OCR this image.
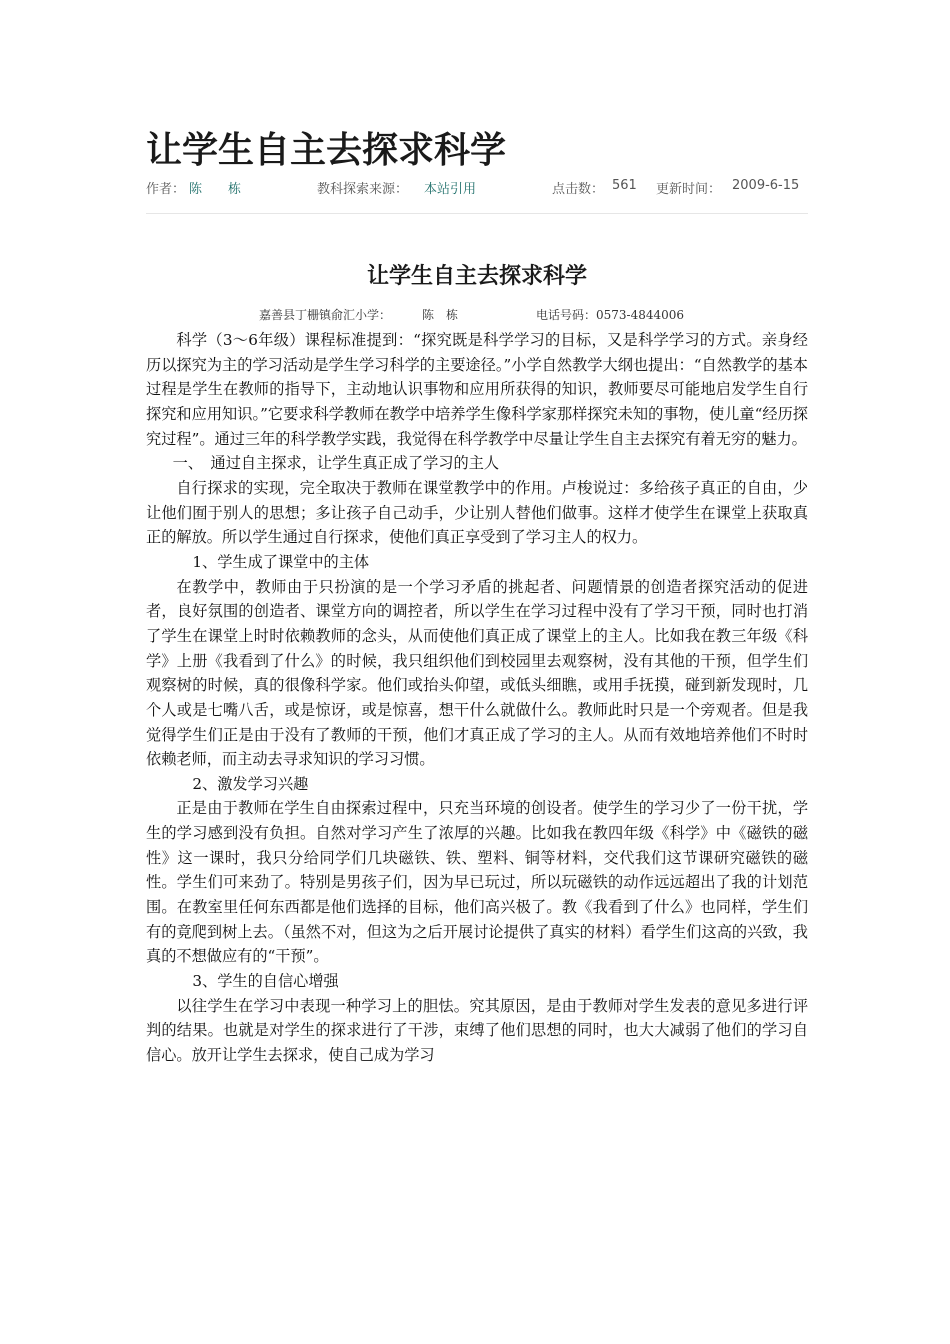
让学生自主去探求科学
作者： 陈　　栋	教科探索来源： 本站引用	点击数： 561 更新时间： 2009-6-15
让学生自主去探求科学
嘉善县丁栅镇俞汇小学：	陈　栋	电话号码：0573-4844006

科学（3～6年级）课程标准提到：“探究既是科学学习的目标，又是科学学习的方式。亲身经历以探究为主的学习活动是学生学习科学的主要途径。”小学自然教学大纲也提出：“自然教学的基本过程是学生在教师的指导下，主动地认识事物和应用所获得的知识，教师要尽可能地启发学生自行探究和应用知识。”它要求科学教师在教学中培养学生像科学家那样探究未知的事物，使儿童“经历探究过程”。通过三年的科学教学实践，我觉得在科学教学中尽量让学生自主去探究有着无穷的魅力。

一、　通过自主探求，让学生真正成了学习的主人

自行探求的实现，完全取决于教师在课堂教学中的作用。卢梭说过：多给孩子真正的自由，少让他们囿于别人的思想；多让孩子自己动手，少让别人替他们做事。这样才使学生在课堂上获取真正的解放。所以学生通过自行探求，使他们真正享受到了学习主人的权力。

1、学生成了课堂中的主体

在教学中，教师由于只扮演的是一个学习矛盾的挑起者、问题情景的创造者探究活动的促进者，良好氛围的创造者、课堂方向的调控者，所以学生在学习过程中没有了学习干预，同时也打消了学生在课堂上时时依赖教师的念头，从而使他们真正成了课堂上的主人。比如我在教三年级《科学》上册《我看到了什么》的时候，我只组织他们到校园里去观察树，没有其他的干预，但学生们观察树的时候，真的很像科学家。他们或抬头仰望，或低头细瞧，或用手抚摸，碰到新发现时，几个人或是七嘴八舌，或是惊讶，或是惊喜，想干什么就做什么。教师此时只是一个旁观者。但是我觉得学生们正是由于没有了教师的干预，他们才真正成了学习的主人。从而有效地培养他们不时时依赖老师，而主动去寻求知识的学习习惯。

2、激发学习兴趣

正是由于教师在学生自由探索过程中，只充当环境的创设者。使学生的学习少了一份干扰，学生的学习感到没有负担。自然对学习产生了浓厚的兴趣。比如我在教四年级《科学》中《磁铁的磁性》这一课时，我只分给同学们几块磁铁、铁、塑料、铜等材料，交代我们这节课研究磁铁的磁性。学生们可来劲了。特别是男孩子们，因为早已玩过，所以玩磁铁的动作远远超出了我的计划范围。在教室里任何东西都是他们选择的目标，他们高兴极了。教《我看到了什么》也同样，学生们有的竟爬到树上去。（虽然不对，但这为之后开展讨论提供了真实的材料）看学生们这高的兴致，我真的不想做应有的“干预”。

3、学生的自信心增强

以往学生在学习中表现一种学习上的胆怯。究其原因，是由于教师对学生发表的意见多进行评判的结果。也就是对学生的探求进行了干涉，束缚了他们思想的同时，也大大减弱了他们的学习自信心。放开让学生去探求，使自己成为学习
